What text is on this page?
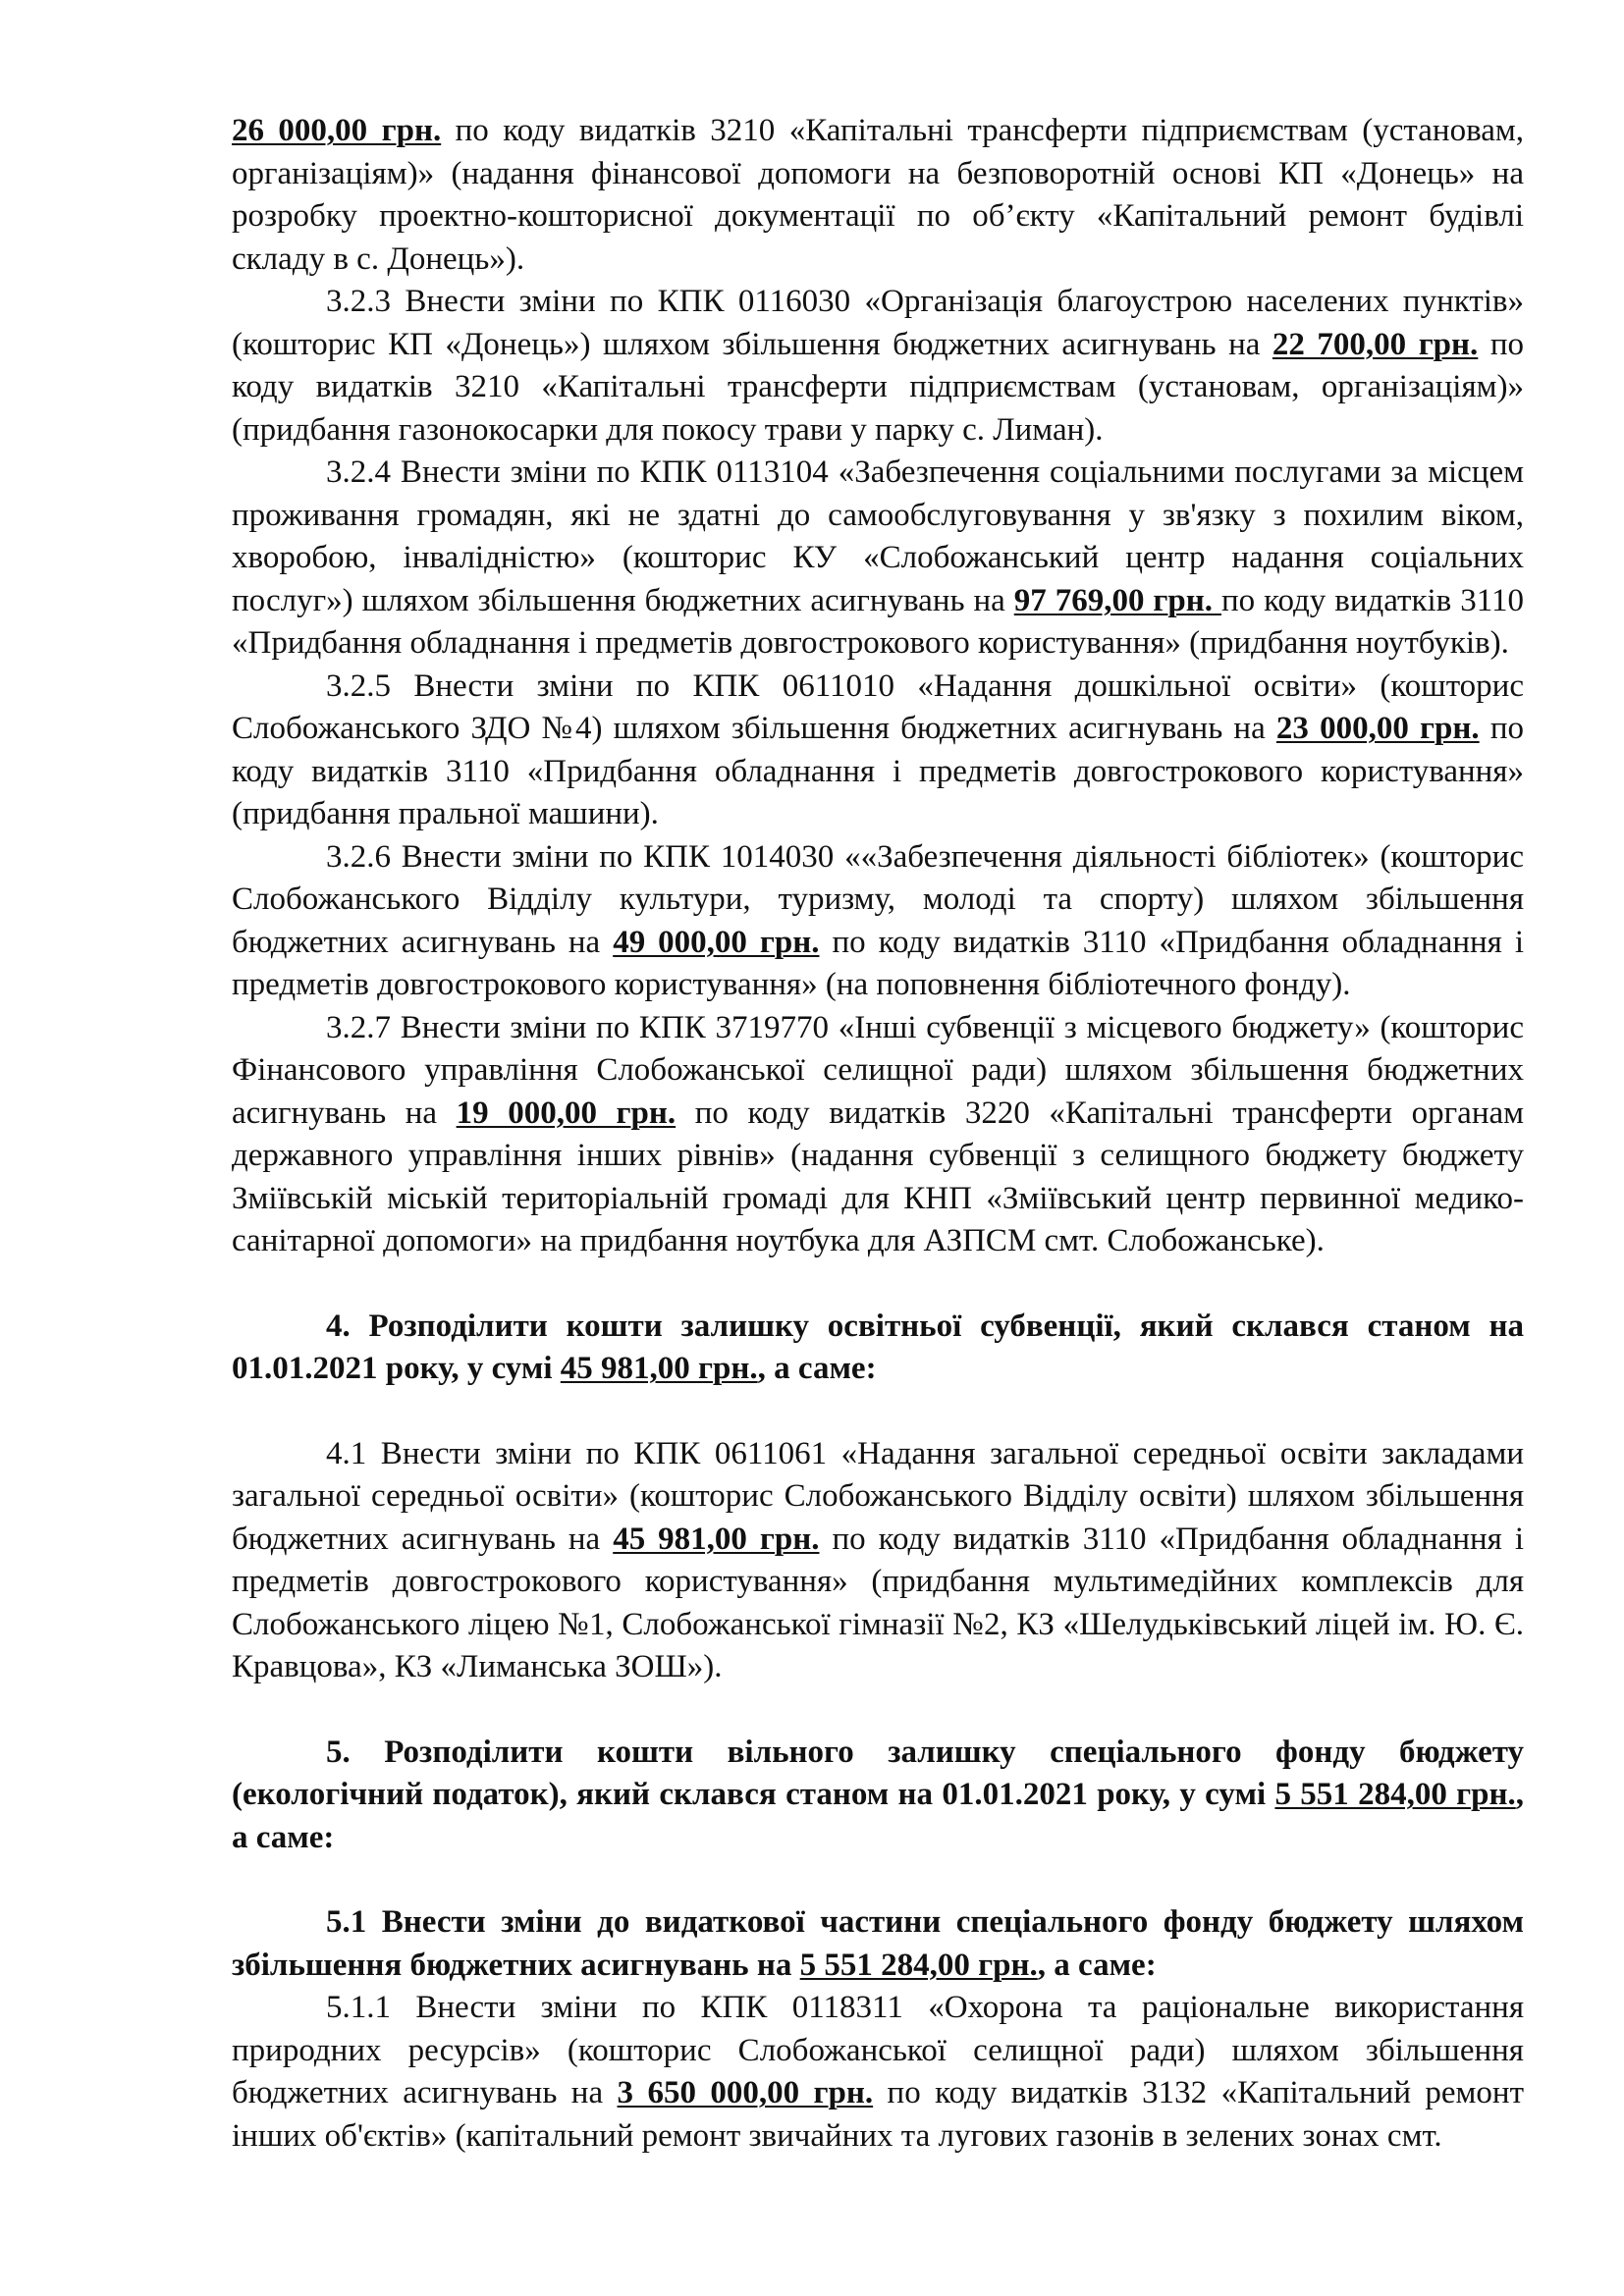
26 000,00 грн. по коду видатків 3210 «Капітальні трансферти підприємствам (установам, організаціям)» (надання фінансової допомоги на безповоротній основі КП «Донець» на розробку проектно-кошторисної документації по об’єкту «Капітальний ремонт будівлі складу в с. Донець»).

3.2.3 Внести зміни по КПК 0116030 «Організація благоустрою населених пунктів» (кошторис КП «Донець») шляхом збільшення бюджетних асигнувань на 22 700,00 грн. по коду видатків 3210 «Капітальні трансферти підприємствам (установам, організаціям)» (придбання газонокосарки для покосу трави у парку с. Лиман).

3.2.4 Внести зміни по КПК 0113104 «Забезпечення соціальними послугами за місцем проживання громадян, які не здатні до самообслуговування у зв'язку з похилим віком, хворобою, інвалідністю» (кошторис КУ «Слобожанський центр надання соціальних послуг») шляхом збільшення бюджетних асигнувань на 97 769,00 грн. по коду видатків 3110 «Придбання обладнання і предметів довгострокового користування» (придбання ноутбуків).

3.2.5 Внести зміни по КПК 0611010 «Надання дошкільної освіти» (кошторис Слобожанського ЗДО №4) шляхом збільшення бюджетних асигнувань на 23 000,00 грн. по коду видатків 3110 «Придбання обладнання і предметів довгострокового користування» (придбання пральної машини).

3.2.6 Внести зміни по КПК 1014030 ««Забезпечення діяльності бібліотек» (кошторис Слобожанського Відділу культури, туризму, молоді та спорту) шляхом збільшення бюджетних асигнувань на 49 000,00 грн. по коду видатків 3110 «Придбання обладнання і предметів довгострокового користування» (на поповнення бібліотечного фонду).

3.2.7 Внести зміни по КПК 3719770 «Інші субвенції з місцевого бюджету» (кошторис Фінансового управління Слобожанської селищної ради) шляхом збільшення бюджетних асигнувань на 19 000,00 грн. по коду видатків 3220 «Капітальні трансферти органам державного управління інших рівнів» (надання субвенції з селищного бюджету бюджету Зміївській міській територіальній громаді для КНП «Зміївський центр первинної медико-санітарної допомоги» на придбання ноутбука для АЗПСМ смт. Слобожанське).

4. Розподілити кошти залишку освітньої субвенції, який склався станом на 01.01.2021 року, у сумі 45 981,00 грн., а саме:

4.1 Внести зміни по КПК 0611061 «Надання загальної середньої освіти закладами загальної середньої освіти» (кошторис Слобожанського Відділу освіти) шляхом збільшення бюджетних асигнувань на 45 981,00 грн. по коду видатків 3110 «Придбання обладнання і предметів довгострокового користування» (придбання мультимедійних комплексів для Слобожанського ліцею №1, Слобожанської гімназії №2, КЗ «Шелудьківський ліцей ім. Ю. Є. Кравцова», КЗ «Лиманська ЗОШ»).

5. Розподілити кошти вільного залишку спеціального фонду бюджету (екологічний податок), який склався станом на 01.01.2021 року, у сумі 5 551 284,00 грн., а саме:

5.1 Внести зміни до видаткової частини спеціального фонду бюджету шляхом збільшення бюджетних асигнувань на 5 551 284,00 грн., а саме:

5.1.1 Внести зміни по КПК 0118311 «Охорона та раціональне використання природних ресурсів» (кошторис Слобожанської селищної ради) шляхом збільшення бюджетних асигнувань на 3 650 000,00 грн. по коду видатків 3132 «Капітальний ремонт інших об'єктів» (капітальний ремонт звичайних та лугових газонів в зелених зонах смт.
